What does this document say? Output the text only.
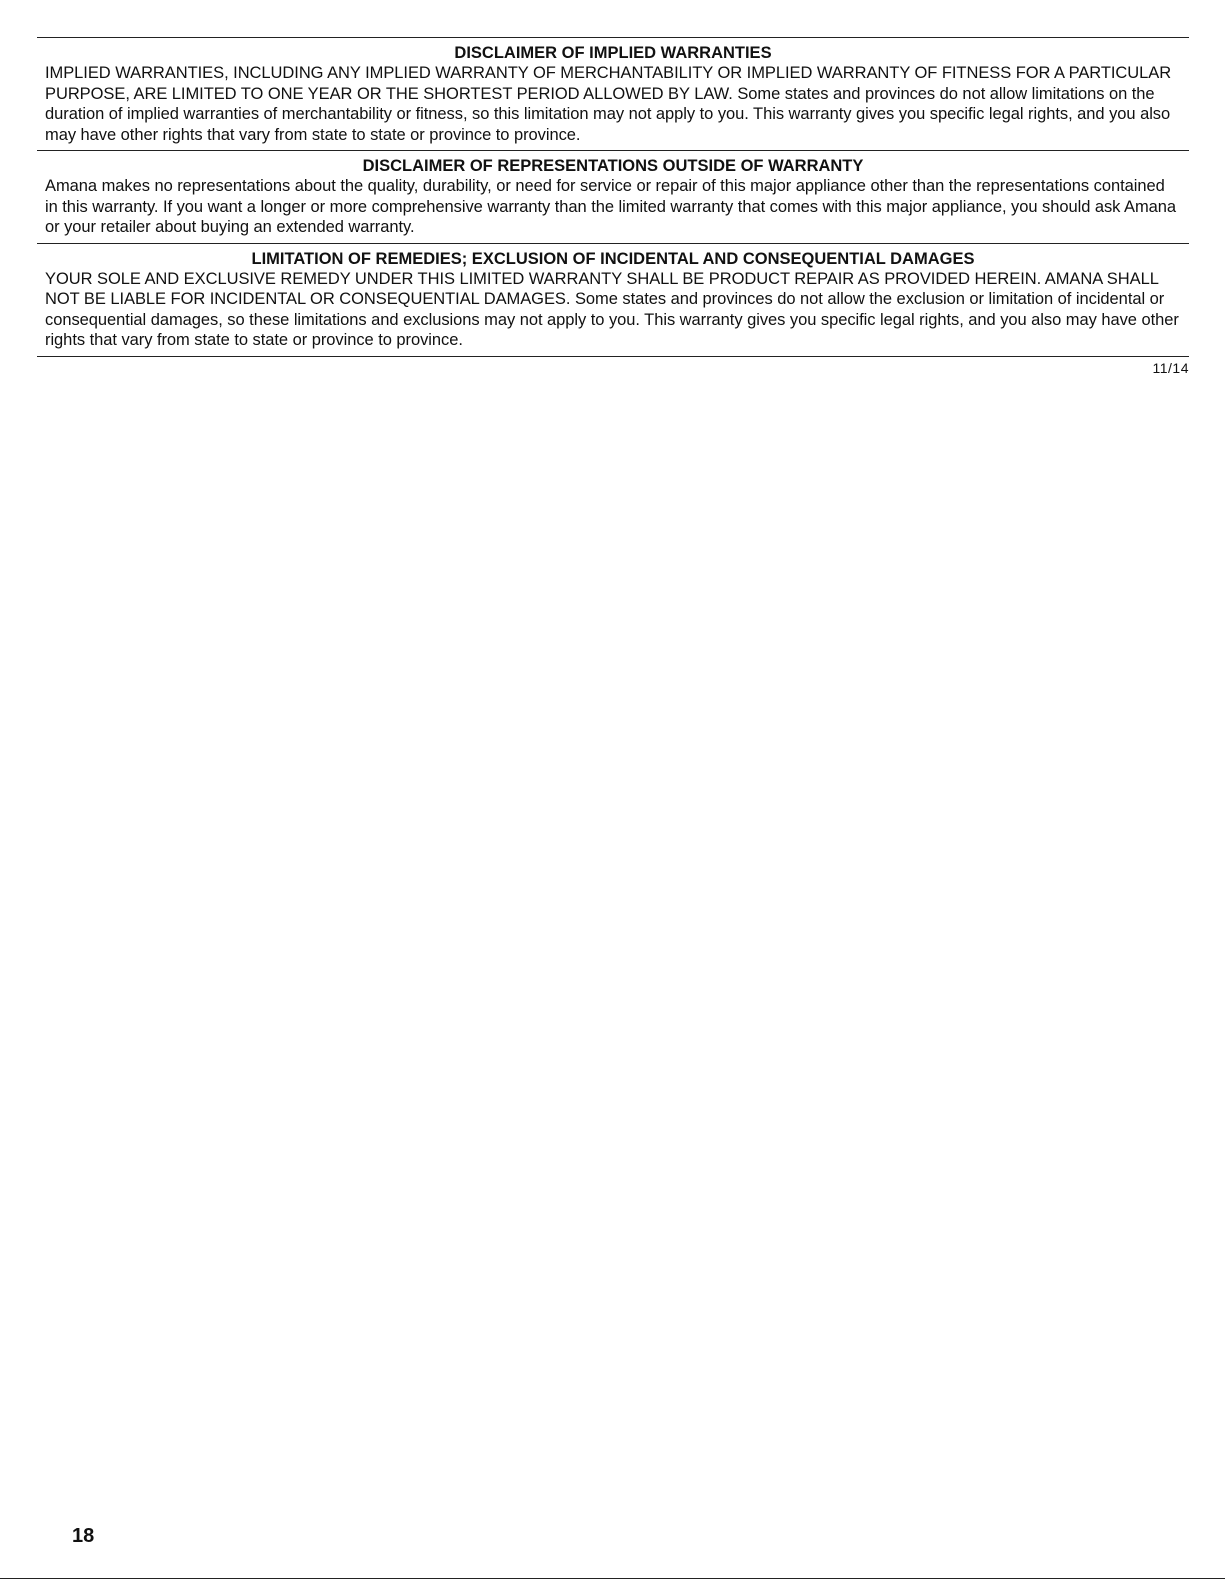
DISCLAIMER OF IMPLIED WARRANTIES

IMPLIED WARRANTIES, INCLUDING ANY IMPLIED WARRANTY OF MERCHANTABILITY OR IMPLIED WARRANTY OF FITNESS FOR A PARTICULAR PURPOSE, ARE LIMITED TO ONE YEAR OR THE SHORTEST PERIOD ALLOWED BY LAW. Some states and provinces do not allow limitations on the duration of implied warranties of merchantability or fitness, so this limitation may not apply to you. This warranty gives you specific legal rights, and you also may have other rights that vary from state to state or province to province.

DISCLAIMER OF REPRESENTATIONS OUTSIDE OF WARRANTY

Amana makes no representations about the quality, durability, or need for service or repair of this major appliance other than the representations contained in this warranty. If you want a longer or more comprehensive warranty than the limited warranty that comes with this major appliance, you should ask Amana or your retailer about buying an extended warranty.

LIMITATION OF REMEDIES; EXCLUSION OF INCIDENTAL AND CONSEQUENTIAL DAMAGES

YOUR SOLE AND EXCLUSIVE REMEDY UNDER THIS LIMITED WARRANTY SHALL BE PRODUCT REPAIR AS PROVIDED HEREIN. AMANA SHALL NOT BE LIABLE FOR INCIDENTAL OR CONSEQUENTIAL DAMAGES. Some states and provinces do not allow the exclusion or limitation of incidental or consequential damages, so these limitations and exclusions may not apply to you. This warranty gives you specific legal rights, and you also may have other rights that vary from state to state or province to province.

11/14
18
